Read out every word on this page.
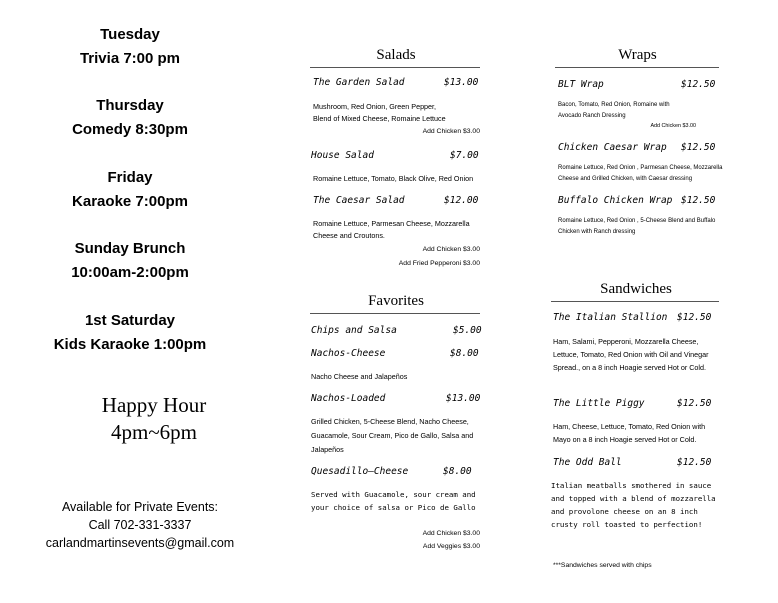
Tuesday
Trivia 7:00 pm
Thursday
Comedy 8:30pm
Friday
Karaoke 7:00pm
Sunday Brunch
10:00am-2:00pm
1st Saturday
Kids Karaoke 1:00pm
Happy Hour
4pm~6pm
Available for Private Events:
Call 702-331-3337
carlandmartinsevents@gmail.com
Salads
The Garden Salad	$13.00
Mushroom, Red Onion, Green Pepper,
Blend of Mixed Cheese, Romaine Lettuce
Add Chicken $3.00
House Salad	$7.00
Romaine Lettuce, Tomato, Black Olive, Red Onion
The Caesar Salad	$12.00
Romaine Lettuce, Parmesan Cheese, Mozzarella
Cheese and Croutons.
Add Chicken $3.00
Add Fried Pepperoni $3.00
Favorites
Chips and Salsa	$5.00
Nachos-Cheese	$8.00
Nacho Cheese and Jalapeños
Nachos-Loaded	$13.00
Grilled Chicken, 5-Cheese Blend, Nacho Cheese,
Guacamole, Sour Cream, Pico de Gallo, Salsa and
Jalapeños
Quesadillo—Cheese	$8.00
Served with Guacamole, sour cream and
your choice of salsa or Pico de Gallo
Add Chicken $3.00
Add Veggies $3.00
Wraps
BLT Wrap	$12.50
Bacon, Tomato, Red Onion, Romaine with
Avocado Ranch Dressing
Add Chicken $3.00
Chicken Caesar Wrap $12.50
Romaine Lettuce, Red Onion , Parmesan Cheese, Mozzarella
Cheese and Grilled Chicken, with Caesar dressing
Buffalo Chicken Wrap $12.50
Romaine Lettuce, Red Onion , 5-Cheese Blend and Buffalo
Chicken with Ranch dressing
Sandwiches
The Italian Stallion $12.50
Ham, Salami, Pepperoni, Mozzarella Cheese,
Lettuce, Tomato, Red Onion with Oil and Vinegar
Spread., on a 8 inch Hoagie served Hot or Cold.
The Little Piggy	$12.50
Ham, Cheese, Lettuce, Tomato, Red Onion with
Mayo on a 8 inch Hoagie served Hot or Cold.
The Odd Ball	$12.50
Italian meatballs smothered in sauce
and topped with a blend of mozzarella
and provolone cheese on an 8 inch
crusty roll toasted to perfection!
***Sandwiches served with chips
